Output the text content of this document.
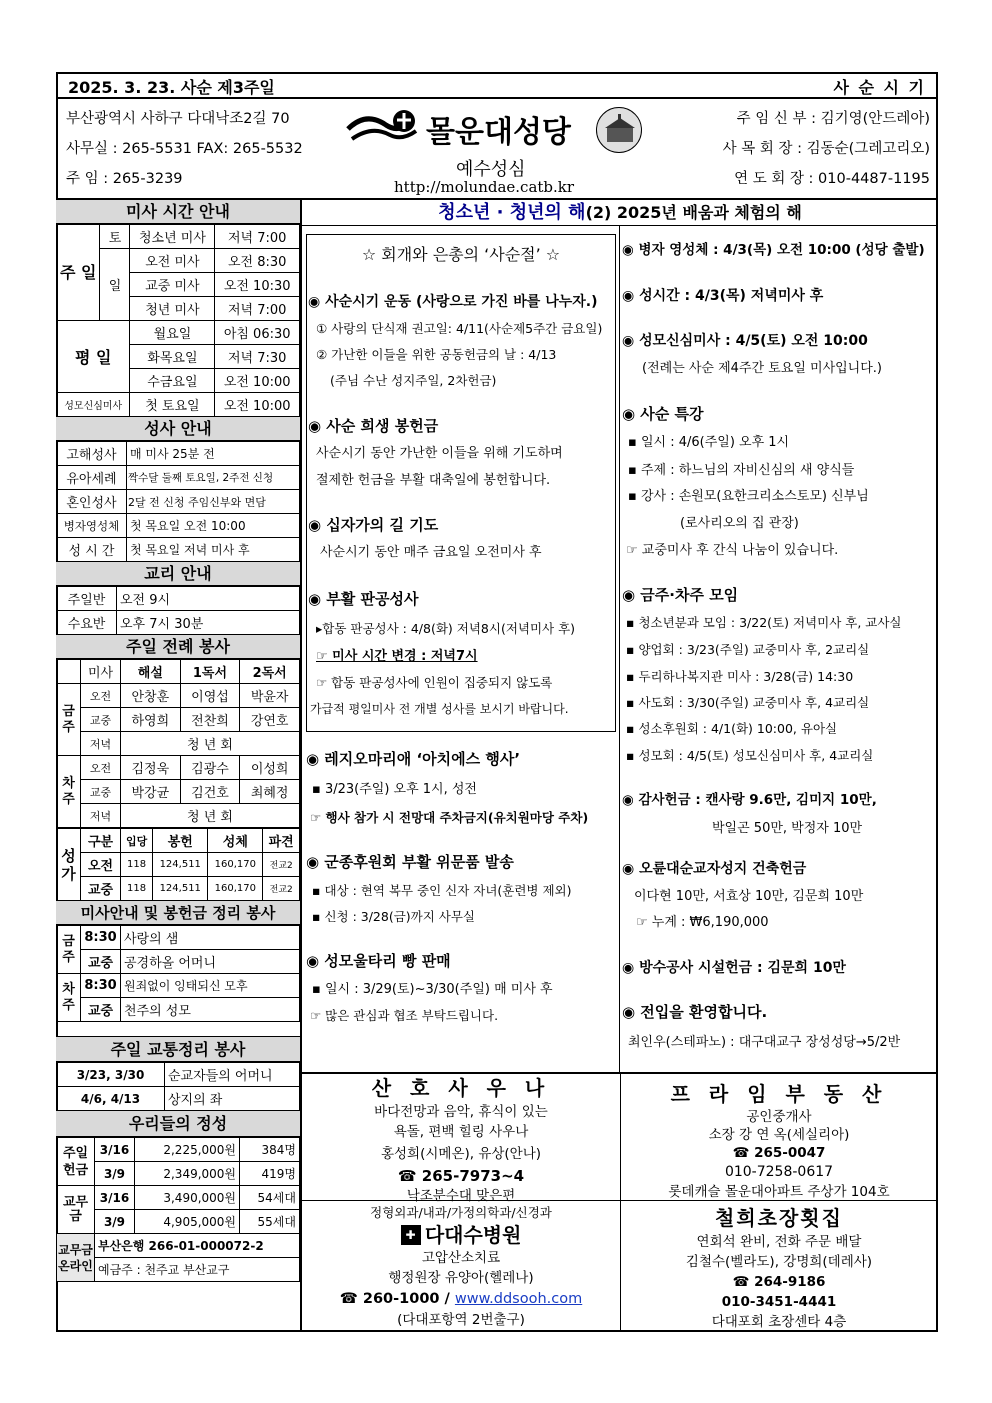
2025. 3. 23. 사순 제3주일	사 순 시 기
부산광역시 사하구 다대낙조2길 70
사무실 : 265-5531 FAX: 265-5532
주 임 : 265-3239
몰운대성당
예수성심
http://molundae.catb.kr
주 임 신 부 : 김기영(안드레아)
사 목 회 장 : 김동순(그레고리오)
연 도 회 장 : 010-4487-1195
미사 시간 안내
주 일	토	청소년 미사	저녁 7:00
	일	오전 미사	오전 8:30
		교중 미사	오전 10:30
		청년 미사	저녁 7:00
평 일		월요일	아침 06:30
		화목요일	저녁 7:30
		수금요일	오전 10:00
성모신심미사		첫 토요일	오전 10:00
성사 안내
고해성사	매 미사 25분 전
유아세례	짝수달 둘째 토요일, 2주전 신청
혼인성사	2달 전 신청 주임신부와 면담
병자영성체	첫 목요일 오전 10:00
성 시 간	첫 목요일 저녁 미사 후
교리 안내
주일반	오전 9시
수요반	오후 7시 30분
주일 전례 봉사
	미사	해설	1독서	2독서
금주	오전	안창훈	이영섭	박윤자
	교중	하영희	전찬희	강연호
	저녁	청 년 회		
차주	오전	김정욱	김광수	이성희
	교중	박강균	김건호	최혜정
	저녁	청 년 회		
성가	구분	입당	봉헌	성체	파견
	오전	118	124,511	160,170	전교2
	교중	118	124,511	160,170	전교2
미사안내 및 봉헌금 정리 봉사
금주	8:30	사랑의 샘
	교중	공경하올 어머니
차주	8:30	원죄없이 잉태되신 모후
	교중	천주의 성모
주일 교통정리 봉사
3/23, 3/30	순교자들의 어머니
4/6, 4/13	상지의 좌
우리들의 정성
주일 헌금	3/16	2,225,000원	384명
	3/9	2,349,000원	419명
교무금	3/16	3,490,000원	54세대
	3/9	4,905,000원	55세대
교무금 온라인	부산은행 266-01-000072-2		
	예금주 : 천주교 부산교구		
청소년 · 청년의 해(2) 2025년 배움과 체험의 해
☆ 회개와 은총의 ‘사순절’ ☆
◉ 사순시기 운동 (사랑으로 가진 바를 나누자.)
① 사랑의 단식재 권고일: 4/11(사순제5주간 금요일)
② 가난한 이들을 위한 공동헌금의 날 : 4/13
(주님 수난 성지주일, 2차헌금)
◉ 사순 희생 봉헌금
사순시기 동안 가난한 이들을 위해 기도하며
절제한 헌금을 부활 대축일에 봉헌합니다.
◉ 십자가의 길 기도
사순시기 동안 매주 금요일 오전미사 후
◉ 부활 판공성사
▸합동 판공성사 : 4/8(화) 저녁8시(저녁미사 후)
☞ 미사 시간 변경 : 저녁7시
☞ 합동 판공성사에 인원이 집중되지 않도록
가급적 평일미사 전 개별 성사를 보시기 바랍니다.
◉ 레지오마리애 ‘아치에스 행사’
▪ 3/23(주일) 오후 1시, 성전
☞ 행사 참가 시 전망대 주차금지(유치원마당 주차)
◉ 군종후원회 부활 위문품 발송
▪ 대상 : 현역 복무 중인 신자 자녀(훈련병 제외)
▪ 신청 : 3/28(금)까지 사무실
◉ 성모울타리 빵 판매
▪ 일시 : 3/29(토)~3/30(주일) 매 미사 후
☞ 많은 관심과 협조 부탁드립니다.
◉ 병자 영성체 : 4/3(목) 오전 10:00 (성당 출발)
◉ 성시간 : 4/3(목) 저녁미사 후
◉ 성모신심미사 : 4/5(토) 오전 10:00
(전례는 사순 제4주간 토요일 미사입니다.)
◉ 사순 특강
▪ 일시 : 4/6(주일) 오후 1시
▪ 주제 : 하느님의 자비신심의 새 양식들
▪ 강사 : 손원모(요한크리소스토모) 신부님
(로사리오의 집 관장)
☞ 교중미사 후 간식 나눔이 있습니다.
◉ 금주·차주 모임
▪ 청소년분과 모임 : 3/22(토) 저녁미사 후, 교사실
▪ 양업회 : 3/23(주일) 교중미사 후, 2교리실
▪ 두리하나복지관 미사 : 3/28(금) 14:30
▪ 사도회 : 3/30(주일) 교중미사 후, 4교리실
▪ 성소후원회 : 4/1(화) 10:00, 유아실
▪ 성모회 : 4/5(토) 성모신심미사 후, 4교리실
◉ 감사헌금 : 캔사랑 9.6만, 김미지 10만,
박일곤 50만, 박정자 10만
◉ 오륜대순교자성지 건축헌금
이다현 10만, 서효상 10만, 김문희 10만
☞ 누계 : ₩6,190,000
◉ 방수공사 시설헌금 : 김문희 10만
◉ 전입을 환영합니다.
최인우(스테파노) : 대구대교구 장성성당→5/2반
산 호 사 우 나
바다전망과 음악, 휴식이 있는
욕돌, 편백 힐링 사우나
홍성희(시메온), 유상(안나)
☎ 265-7973~4
낙조분수대 맞은편
프 라 임 부 동 산
공인중개사
소장 강 연 옥(세실리아)
☎ 265-0047
010-7258-0617
롯데캐슬 몰운대아파트 주상가 104호
정형외과/내과/가정의학과/신경과
✚ 다대수병원
고압산소치료
행정원장 유양아(헬레나)
☎ 260-1000 / www.ddsooh.com
(다대포항역 2번출구)
철희초장횟집
연회석 완비, 전화 주문 배달
김철수(벨라도), 강명희(데레사)
☎ 264-9186
010-3451-4441
다대포회 초장센타 4층
